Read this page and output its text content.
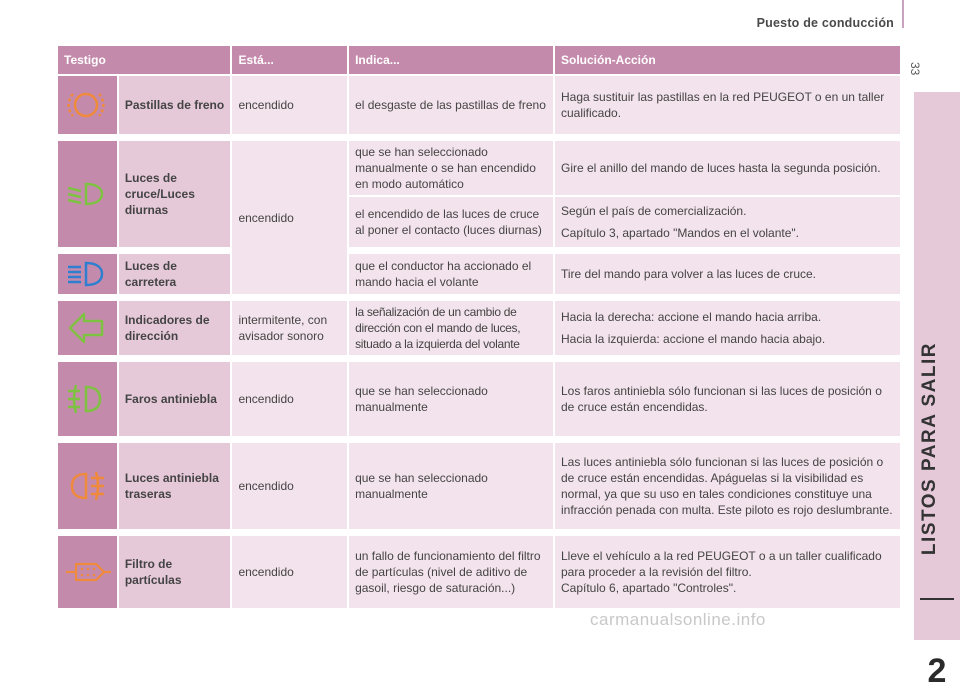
Puesto de conducción
33
LISTOS PARA SALIR
2
Testigo		Está...	Indica...	Solución-Acción
	Pastillas de freno	encendido	el desgaste de las pastillas de freno	Haga sustituir las pastillas en la red PEUGEOT o en un taller cualificado.

	Luces de cruce/Luces diurnas	encendido	que se han seleccionado manualmente o se han encendido en modo automático	Gire el anillo del mando de luces hasta la segunda posición.
			el encendido de las luces de cruce al poner el contacto (luces diurnas)	Según el país de comercialización.
Capítulo 3, apartado "Mandos en el volante".

	Luces de carretera		que el conductor ha accionado el mando hacia el volante	Tire del mando para volver a las luces de cruce.

	Indicadores de dirección	intermitente, con avisador sonoro	la señalización de un cambio de dirección con el mando de luces, situado a la izquierda del volante	Hacia la derecha: accione el mando hacia arriba.
Hacia la izquierda: accione el mando hacia abajo.

	Faros antiniebla	encendido	que se han seleccionado manualmente	Los faros antiniebla sólo funcionan si las luces de posición o de cruce están encendidas.

	Luces antiniebla traseras	encendido	que se han seleccionado manualmente	Las luces antiniebla sólo funcionan si las luces de posición o de cruce están encendidas. Apáguelas si la visibilidad es normal, ya que su uso en tales condiciones constituye una infracción penada con multa. Este piloto es rojo deslumbrante.

	Filtro de partículas	encendido	un fallo de funcionamiento del filtro de partículas (nivel de aditivo de gasoil, riesgo de saturación...)	Lleve el vehículo a la red PEUGEOT o a un taller cualificado para proceder a la revisión del filtro.
Capítulo 6, apartado "Controles".
carmanualsonline.info
